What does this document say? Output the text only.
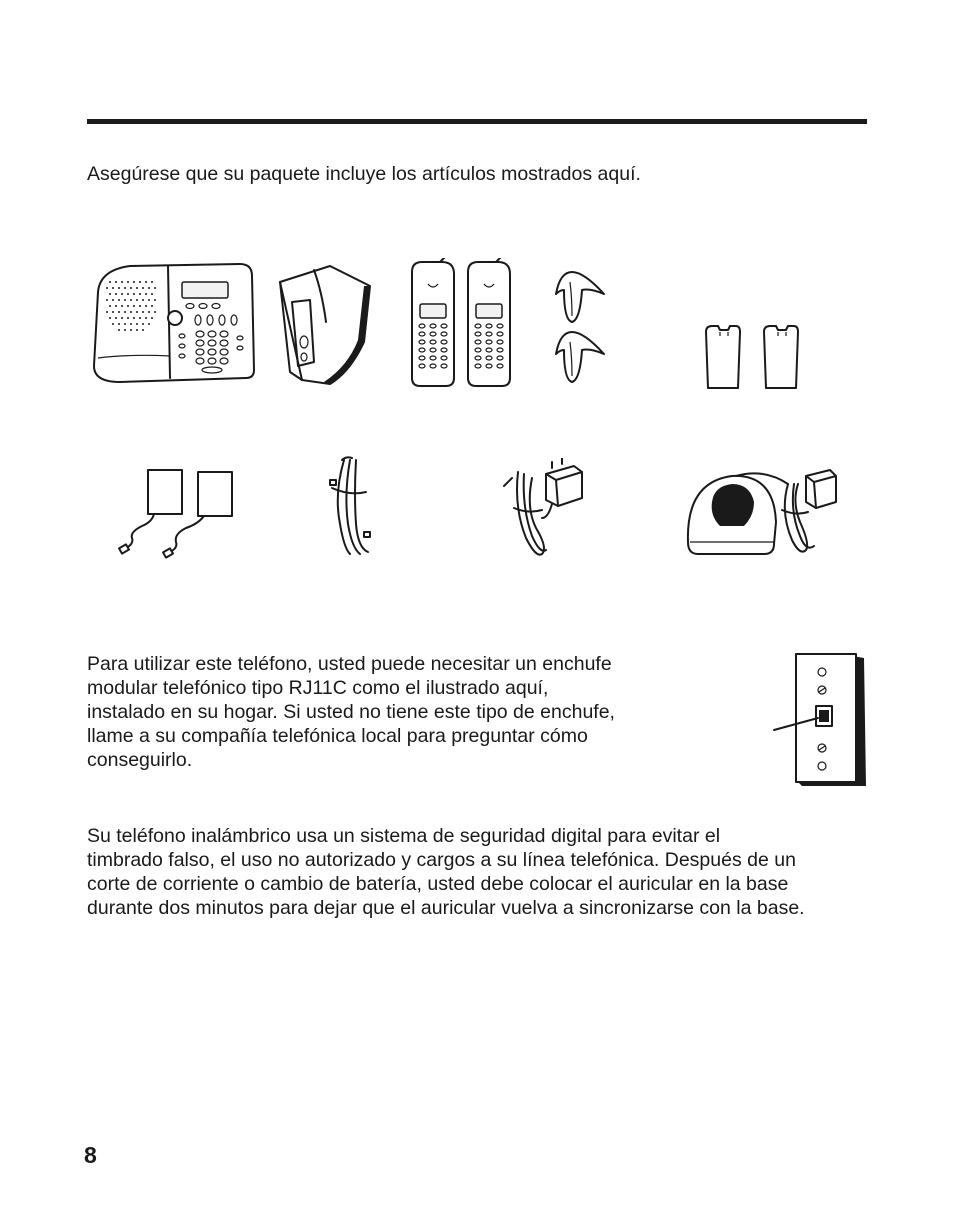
Asegúrese que su paquete incluye los artículos mostrados aquí.

Para utilizar este teléfono, usted puede necesitar un enchufe
modular telefónico tipo RJ11C como el ilustrado aquí,
instalado en su hogar. Si usted no tiene este tipo de enchufe,
llame a su compañía telefónica local para preguntar cómo
conseguirlo.

Su teléfono inalámbrico usa un sistema de seguridad digital para evitar el
timbrado falso, el uso no autorizado y cargos a su línea telefónica. Después de un
corte de corriente o cambio de batería, usted debe colocar el auricular en la base
durante dos minutos para dejar que el auricular vuelva a sincronizarse con la base.

8
